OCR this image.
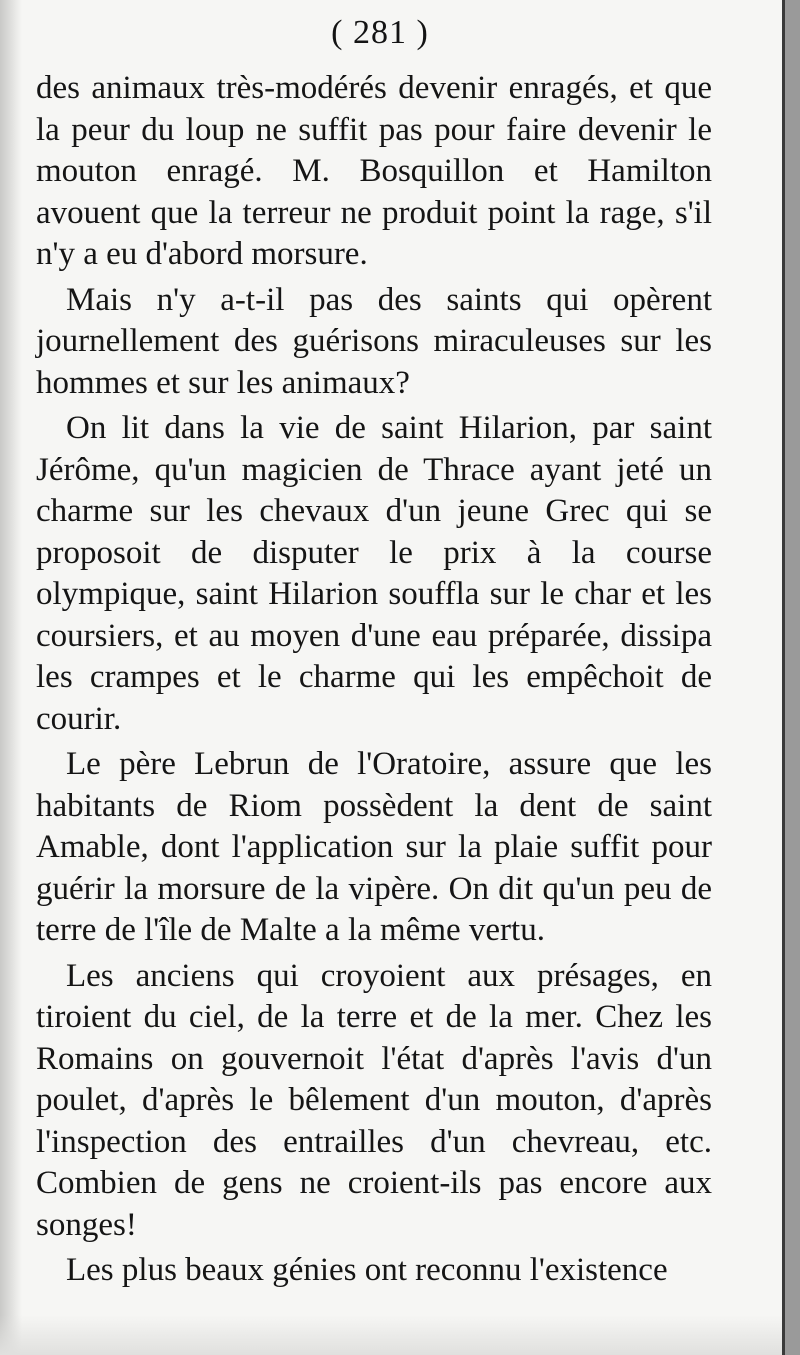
( 281 )

des animaux très-modérés devenir enragés, et que la peur du loup ne suffit pas pour faire devenir le mouton enragé. M. Bosquillon et Hamilton avouent que la terreur ne produit point la rage, s'il n'y a eu d'abord morsure.

Mais n'y a-t-il pas des saints qui opèrent journellement des guérisons miraculeuses sur les hommes et sur les animaux?

On lit dans la vie de saint Hilarion, par saint Jérôme, qu'un magicien de Thrace ayant jeté un charme sur les chevaux d'un jeune Grec qui se proposoit de disputer le prix à la course olympique, saint Hilarion souffla sur le char et les coursiers, et au moyen d'une eau préparée, dissipa les crampes et le charme qui les empêchoit de courir.

Le père Lebrun de l'Oratoire, assure que les habitants de Riom possèdent la dent de saint Amable, dont l'application sur la plaie suffit pour guérir la morsure de la vipère. On dit qu'un peu de terre de l'île de Malte a la même vertu.

Les anciens qui croyoient aux présages, en tiroient du ciel, de la terre et de la mer. Chez les Romains on gouvernoit l'état d'après l'avis d'un poulet, d'après le bêlement d'un mouton, d'après l'inspection des entrailles d'un chevreau, etc. Combien de gens ne croient-ils pas encore aux songes!

Les plus beaux génies ont reconnu l'existence
